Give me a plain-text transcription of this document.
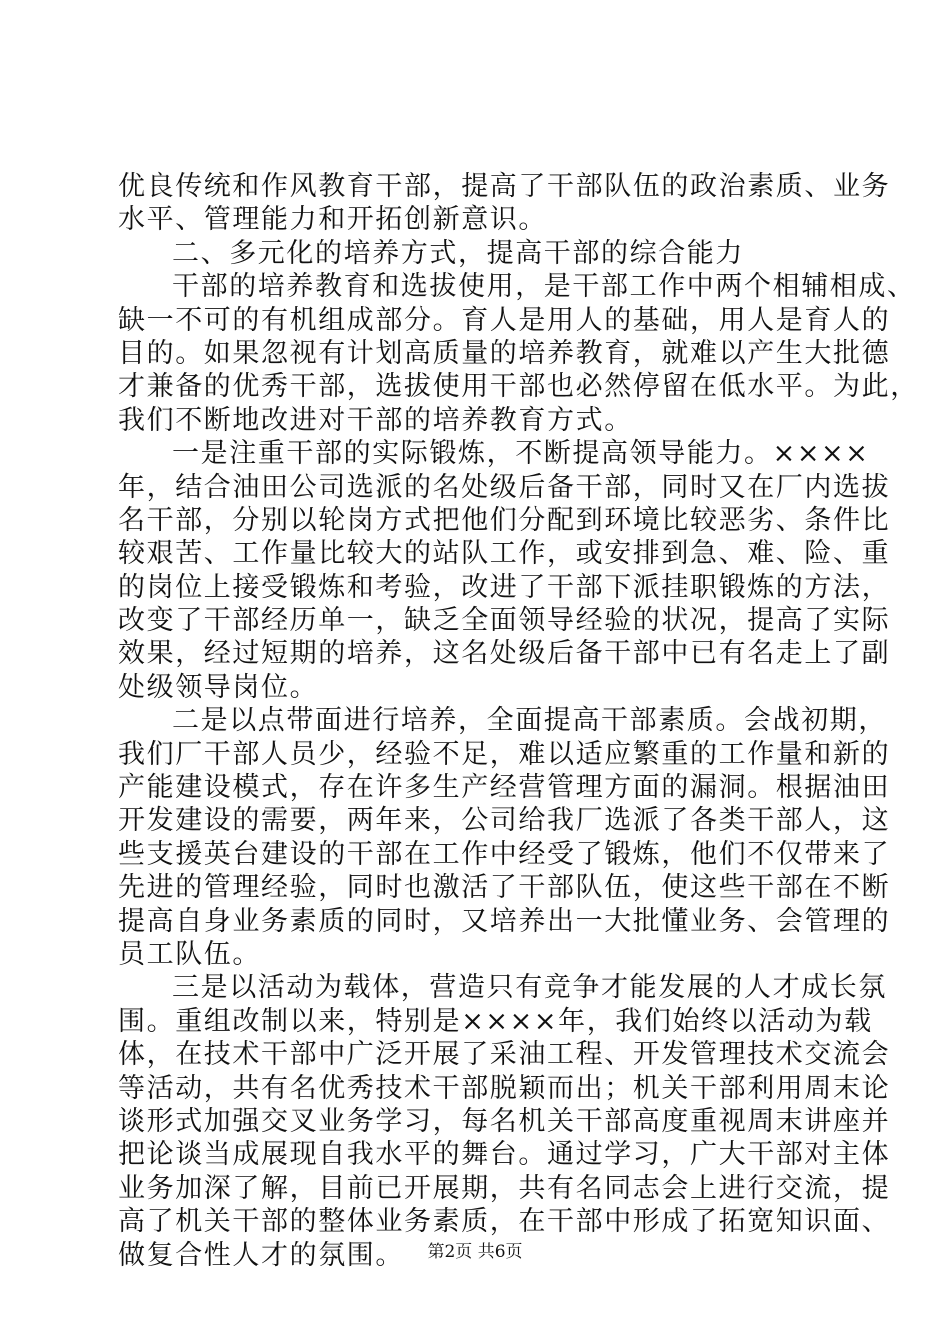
优良传统和作风教育干部，提高了干部队伍的政治素质、业务
水平、管理能力和开拓创新意识。
二、多元化的培养方式，提高干部的综合能力
干部的培养教育和选拔使用，是干部工作中两个相辅相成、
缺一不可的有机组成部分。育人是用人的基础，用人是育人的
目的。如果忽视有计划高质量的培养教育，就难以产生大批德
才兼备的优秀干部，选拔使用干部也必然停留在低水平。为此，
我们不断地改进对干部的培养教育方式。
一是注重干部的实际锻炼，不断提高领导能力。××××
年，结合油田公司选派的名处级后备干部，同时又在厂内选拔
名干部，分别以轮岗方式把他们分配到环境比较恶劣、条件比
较艰苦、工作量比较大的站队工作，或安排到急、难、险、重
的岗位上接受锻炼和考验，改进了干部下派挂职锻炼的方法，
改变了干部经历单一，缺乏全面领导经验的状况，提高了实际
效果，经过短期的培养，这名处级后备干部中已有名走上了副
处级领导岗位。
二是以点带面进行培养，全面提高干部素质。会战初期，
我们厂干部人员少，经验不足，难以适应繁重的工作量和新的
产能建设模式，存在许多生产经营管理方面的漏洞。根据油田
开发建设的需要，两年来，公司给我厂选派了各类干部人，这
些支援英台建设的干部在工作中经受了锻炼，他们不仅带来了
先进的管理经验，同时也激活了干部队伍，使这些干部在不断
提高自身业务素质的同时，又培养出一大批懂业务、会管理的
员工队伍。
三是以活动为载体，营造只有竞争才能发展的人才成长氛
围。重组改制以来，特别是××××年，我们始终以活动为载
体，在技术干部中广泛开展了采油工程、开发管理技术交流会
等活动，共有名优秀技术干部脱颖而出；机关干部利用周末论
谈形式加强交叉业务学习，每名机关干部高度重视周末讲座并
把论谈当成展现自我水平的舞台。通过学习，广大干部对主体
业务加深了解，目前已开展期，共有名同志会上进行交流，提
高了机关干部的整体业务素质，在干部中形成了拓宽知识面、
做复合性人才的氛围。	第2页 共6页
